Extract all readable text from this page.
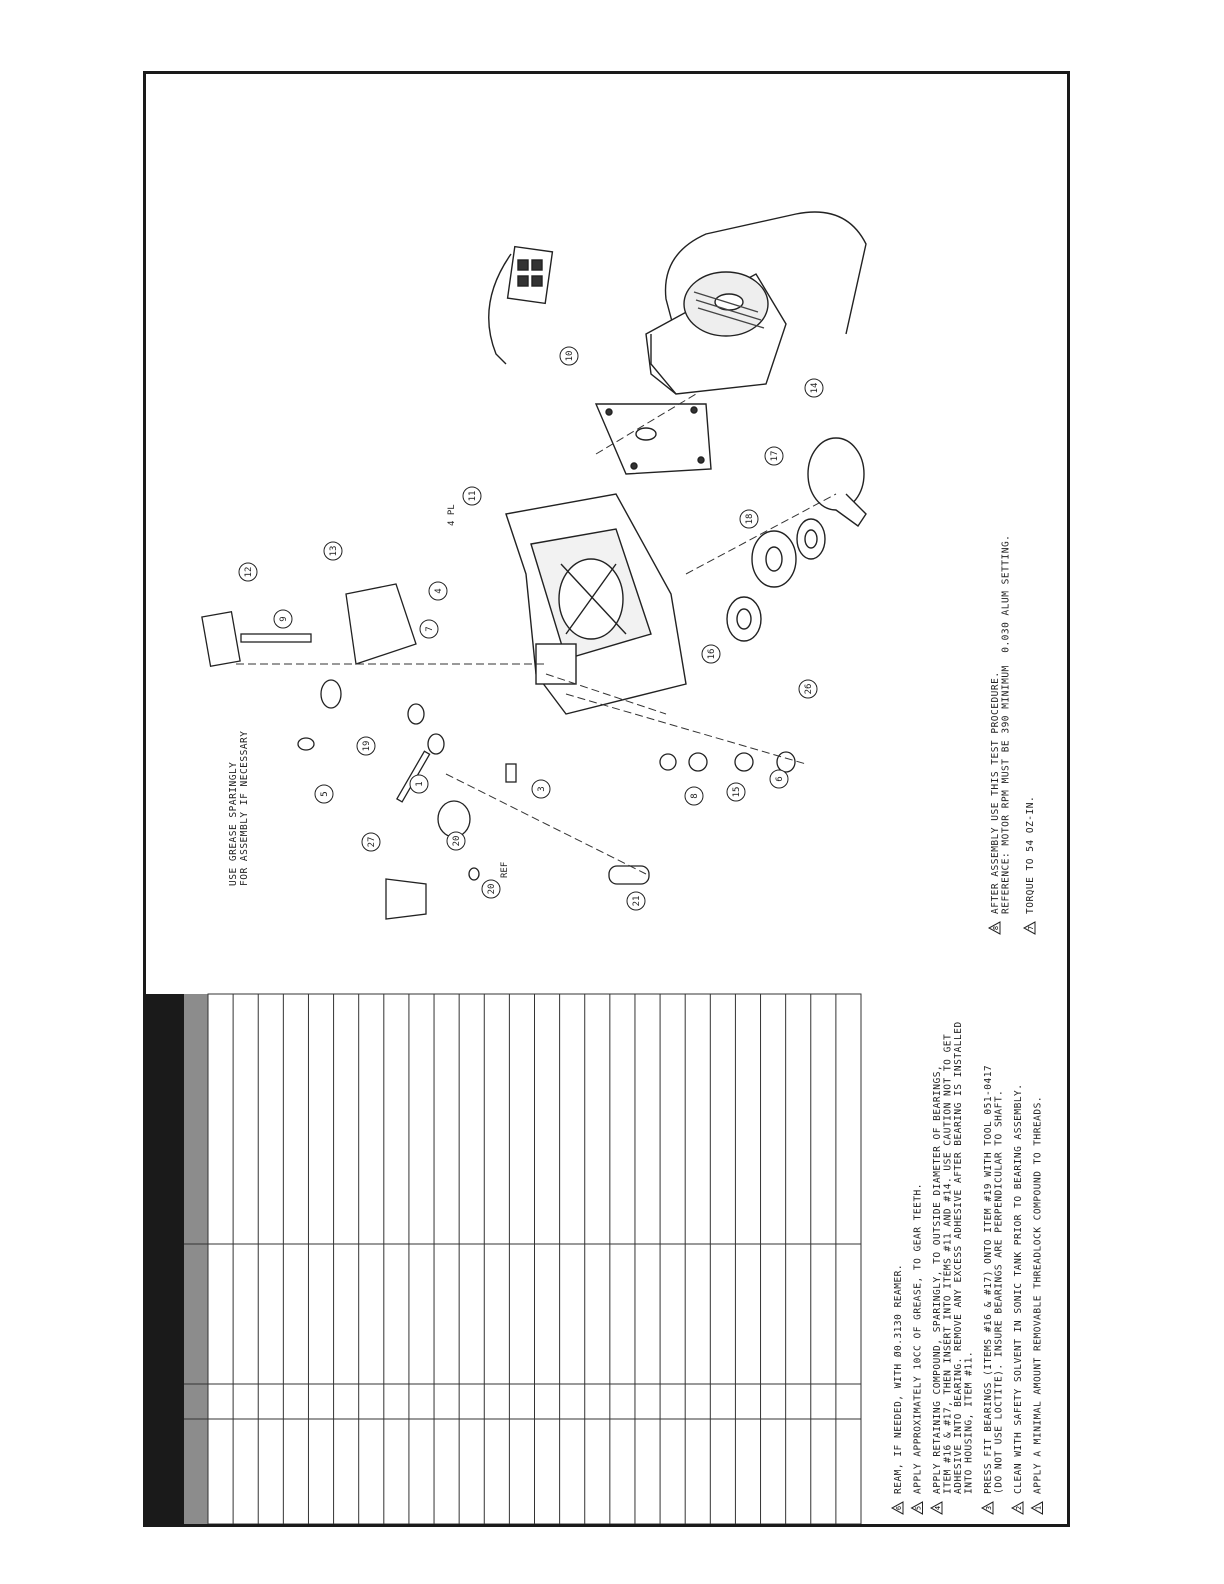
1
3
4
5
6
7
8
9
10
11
12
13
14
15
16
17
18
19
20
21
26
27
20
4 PL
REF
USE GREASE SPARINGLY FOR ASSEMBLY IF NECESSARY
6
REAM, IF NEEDED, WITH Ø0.3130 REAMER.
5
APPLY APPROXIMATELY 10CC OF GREASE, TO GEAR TEETH.
4
APPLY RETAINING COMPOUND, SPARINGLY, TO OUTSIDE DIAMETER OF BEARINGS, ITEM #16 & #17, THEN INSERT INTO ITEMS #11 AND #14. USE CAUTION NOT TO GET ADHESIVE INTO BEARING. REMOVE ANY EXCESS ADHESIVE AFTER BEARING IS INSTALLED INTO HOUSING, ITEM #11.
3
PRESS FIT BEARINGS (ITEMS #16 & #17) ONTO ITEM #19 WITH TOOL 051-0417 (DO NOT USE LOCTITE). INSURE BEARINGS ARE PERPENDICULAR TO SHAFT.
2
CLEAN WITH SAFETY SOLVENT IN SONIC TANK PRIOR TO BEARING ASSEMBLY.
1
APPLY A MINIMAL AMOUNT REMOVABLE THREADLOCK COMPOUND TO THREADS.
8
AFTER ASSEMBLY USE THIS TEST PROCEDURE. REFERENCE: MOTOR RPM MUST BE 390 MINIMUM  0.030 ALUM SETTING.
7
TORQUE TO 54 OZ-IN.
